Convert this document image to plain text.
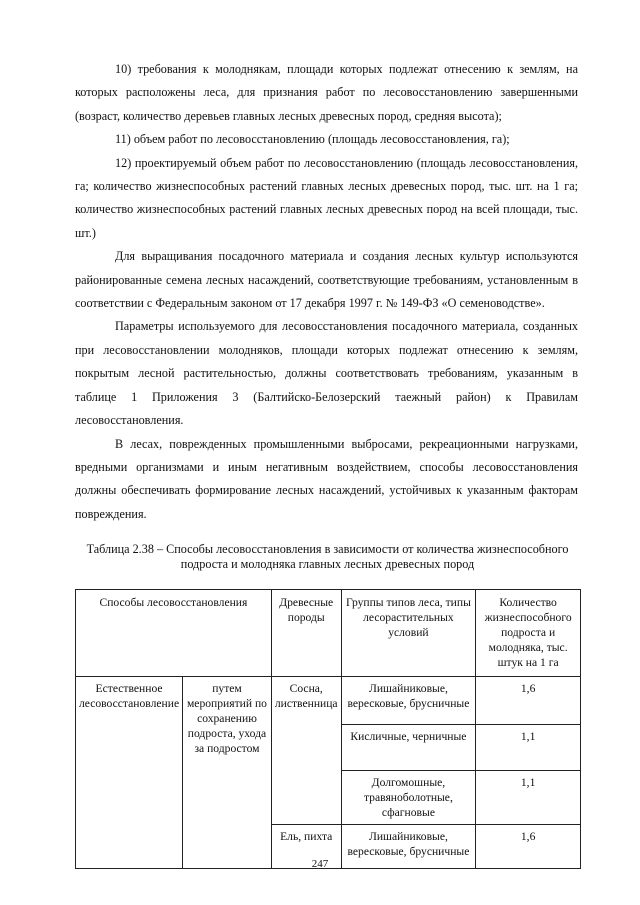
10) требования к молоднякам, площади которых подлежат отнесению к землям, на которых расположены леса, для признания работ по лесовосстановлению завершенными (возраст, количество деревьев главных лесных древесных пород, средняя высота);

11) объем работ по лесовосстановлению (площадь лесовосстановления, га);

12) проектируемый объем работ по лесовосстановлению (площадь лесовосстановления, га; количество жизнеспособных растений главных лесных древесных пород, тыс. шт. на 1 га; количество жизнеспособных растений главных лесных древесных пород на всей площади, тыс. шт.)

Для выращивания посадочного материала и создания лесных культур используются районированные семена лесных насаждений, соответствующие требованиям, установленным в соответствии с Федеральным законом от 17 декабря 1997 г. № 149-ФЗ «О семеноводстве».

Параметры используемого для лесовосстановления посадочного материала, созданных при лесовосстановлении молодняков, площади которых подлежат отнесению к землям, покрытым лесной растительностью, должны соответствовать требованиям, указанным в таблице 1 Приложения 3 (Балтийско-Белозерский таежный район) к Правилам лесовосстановления.

В лесах, поврежденных промышленными выбросами, рекреационными нагрузками, вредными организмами и иным негативным воздействием, способы лесовосстановления должны обеспечивать формирование лесных насаждений, устойчивых к указанным факторам повреждения.

Таблица 2.38 – Способы лесовосстановления в зависимости от количества жизнеспособного подроста и молодняка главных лесных древесных пород
Способы лесовосстановления		Древесные породы	Группы типов леса, типы лесорастительных условий	Количество жизнеспособного подроста и молодняка, тыс. штук на 1 га
Естественное лесовосстановление	путем мероприятий по сохранению подроста, ухода за подростом	Сосна, лиственница	Лишайниковые, вересковые, брусничные	1,6
			Кисличные, черничные	1,1
			Долгомошные, травяноболотные, сфагновые	1,1
		Ель, пихта	Лишайниковые, вересковые, брусничные	1,6
247
